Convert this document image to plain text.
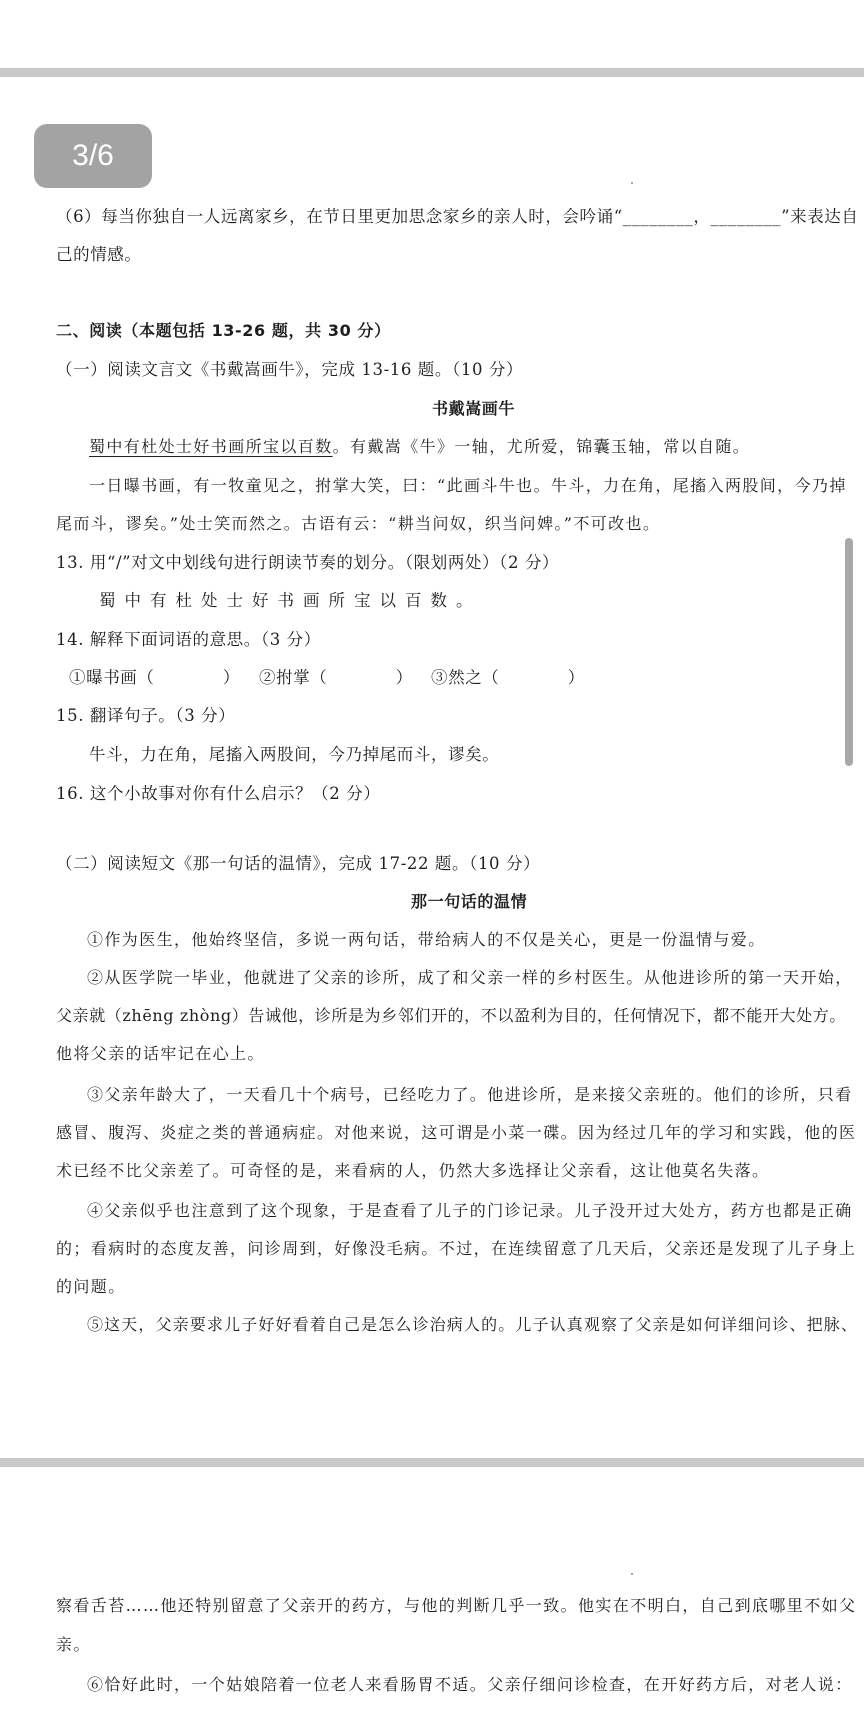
3/6
（6）每当你独自一人远离家乡，在节日里更加思念家乡的亲人时，会吟诵“________，________”来表达自
己的情感。
二、阅读（本题包括 13-26 题，共 30 分）
（一）阅读文言文《书戴嵩画牛》，完成 13-16 题。（10 分）
书戴嵩画牛
蜀中有杜处士好书画所宝以百数。有戴嵩《牛》一轴，尤所爱，锦囊玉轴，常以自随。
一日曝书画，有一牧童见之，拊掌大笑，曰：“此画斗牛也。牛斗，力在角，尾搐入两股间，今乃掉
尾而斗，谬矣。”处士笑而然之。古语有云：“耕当问奴，织当问婢。”不可改也。
13. 用“/”对文中划线句进行朗读节奏的划分。（限划两处）（2 分）
蜀中有杜处士好书画所宝以百数。
14. 解释下面词语的意思。（3 分）
①曝书画（　　　　） ②拊掌（　　　　） ③然之（　　　　）
15. 翻译句子。（3 分）
牛斗，力在角，尾搐入两股间，今乃掉尾而斗，谬矣。
16. 这个小故事对你有什么启示？（2 分）
（二）阅读短文《那一句话的温情》，完成 17-22 题。（10 分）
那一句话的温情
①作为医生，他始终坚信，多说一两句话，带给病人的不仅是关心，更是一份温情与爱。
②从医学院一毕业，他就进了父亲的诊所，成了和父亲一样的乡村医生。从他进诊所的第一天开始，
父亲就（zhēng zhòng）告诫他，诊所是为乡邻们开的，不以盈利为目的，任何情况下，都不能开大处方。
他将父亲的话牢记在心上。
③父亲年龄大了，一天看几十个病号，已经吃力了。他进诊所，是来接父亲班的。他们的诊所，只看
感冒、腹泻、炎症之类的普通病症。对他来说，这可谓是小菜一碟。因为经过几年的学习和实践，他的医
术已经不比父亲差了。可奇怪的是，来看病的人，仍然大多选择让父亲看，这让他莫名失落。
④父亲似乎也注意到了这个现象，于是查看了儿子的门诊记录。儿子没开过大处方，药方也都是正确
的；看病时的态度友善，问诊周到，好像没毛病。不过，在连续留意了几天后，父亲还是发现了儿子身上
的问题。
⑤这天，父亲要求儿子好好看着自己是怎么诊治病人的。儿子认真观察了父亲是如何详细问诊、把脉、
察看舌苔……他还特别留意了父亲开的药方，与他的判断几乎一致。他实在不明白，自己到底哪里不如父
亲。
⑥恰好此时，一个姑娘陪着一位老人来看肠胃不适。父亲仔细问诊检查，在开好药方后，对老人说：
